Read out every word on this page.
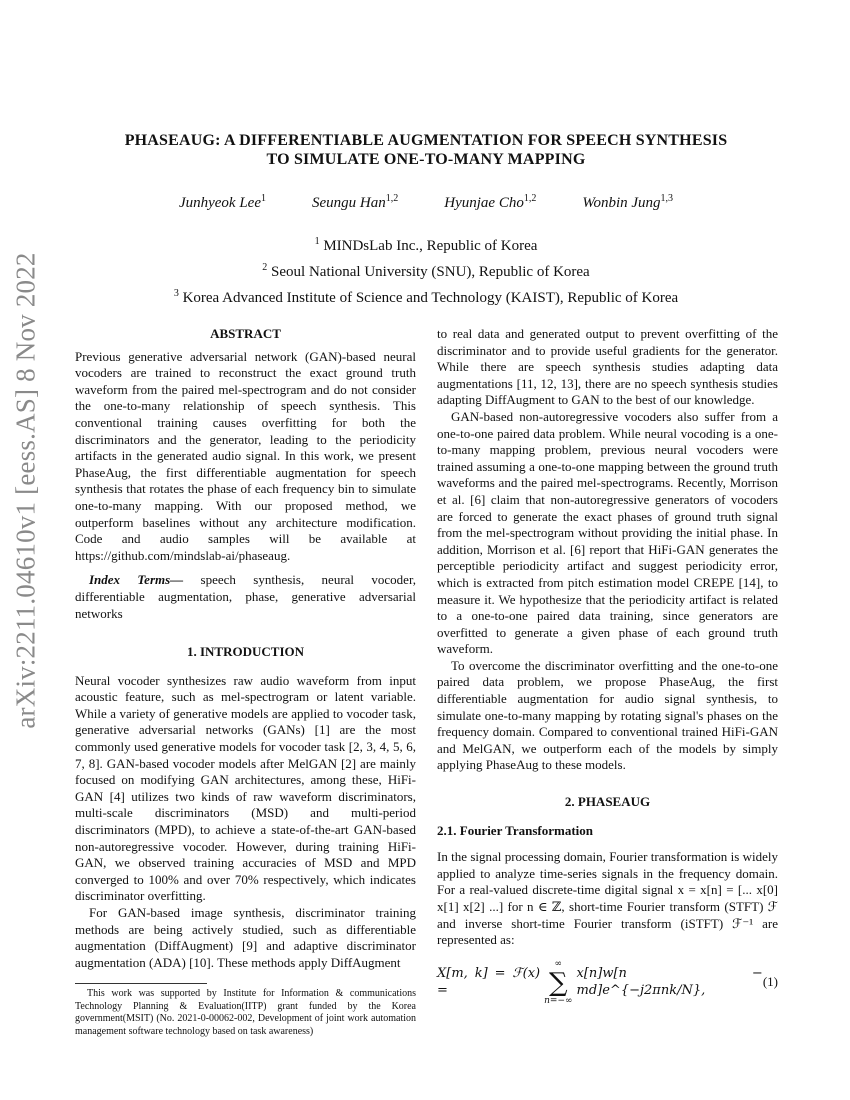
arXiv:2211.04610v1 [eess.AS] 8 Nov 2022
PHASEAUG: A DIFFERENTIABLE AUGMENTATION FOR SPEECH SYNTHESIS
TO SIMULATE ONE-TO-MANY MAPPING
Junhyeok Lee$^1$	Seungu Han$^{1,2}$	Hyunjae Cho$^{1,2}$	Wonbin Jung$^{1,3}$
$^1$ MINDsLab Inc., Republic of Korea
$^2$ Seoul National University (SNU), Republic of Korea
$^3$ Korea Advanced Institute of Science and Technology (KAIST), Republic of Korea

ABSTRACT

Previous generative adversarial network (GAN)-based neural vocoders are trained to reconstruct the exact ground truth waveform from the paired mel-spectrogram and do not consider the one-to-many relationship of speech synthesis. This conventional training causes overfitting for both the discriminators and the generator, leading to the periodicity artifacts in the generated audio signal. In this work, we present PhaseAug, the first differentiable augmentation for speech synthesis that rotates the phase of each frequency bin to simulate one-to-many mapping. With our proposed method, we outperform baselines without any architecture modification. Code and audio samples will be available at https://github.com/mindslab-ai/phaseaug.

Index Terms— speech synthesis, neural vocoder, differentiable augmentation, phase, generative adversarial networks

1. INTRODUCTION

Neural vocoder synthesizes raw audio waveform from input acoustic feature, such as mel-spectrogram or latent variable. While a variety of generative models are applied to vocoder task, generative adversarial networks (GANs) [1] are the most commonly used generative models for vocoder task [2, 3, 4, 5, 6, 7, 8]. GAN-based vocoder models after MelGAN [2] are mainly focused on modifying GAN architectures, among these, HiFi-GAN [4] utilizes two kinds of raw waveform discriminators, multi-scale discriminators (MSD) and multi-period discriminators (MPD), to achieve a state-of-the-art GAN-based non-autoregressive vocoder. However, during training HiFi-GAN, we observed training accuracies of MSD and MPD converged to 100% and over 70% respectively, which indicates discriminator overfitting.

For GAN-based image synthesis, discriminator training methods are being actively studied, such as differentiable augmentation (DiffAugment) [9] and adaptive discriminator augmentation (ADA) [10]. These methods apply DiffAugment

This work was supported by Institute for Information & communications Technology Planning & Evaluation(IITP) grant funded by the Korea government(MSIT) (No. 2021-0-00062-002, Development of joint work automation management software technology based on task awareness)

to real data and generated output to prevent overfitting of the discriminator and to provide useful gradients for the generator. While there are speech synthesis studies adapting data augmentations [11, 12, 13], there are no speech synthesis studies adapting DiffAugment to GAN to the best of our knowledge.

GAN-based non-autoregressive vocoders also suffer from a one-to-one paired data problem. While neural vocoding is a one-to-many mapping problem, previous neural vocoders were trained assuming a one-to-one mapping between the ground truth waveforms and the paired mel-spectrograms. Recently, Morrison et al. [6] claim that non-autoregressive generators of vocoders are forced to generate the exact phases of ground truth signal from the mel-spectrogram without providing the initial phase. In addition, Morrison et al. [6] report that HiFi-GAN generates the perceptible periodicity artifact and suggest periodicity error, which is extracted from pitch estimation model CREPE [14], to measure it. We hypothesize that the periodicity artifact is related to a one-to-one paired data training, since generators are overfitted to generate a given phase of each ground truth waveform.

To overcome the discriminator overfitting and the one-to-one paired data problem, we propose PhaseAug, the first differentiable augmentation for audio signal synthesis, to simulate one-to-many mapping by rotating signal's phases on the frequency domain. Compared to conventional trained HiFi-GAN and MelGAN, we outperform each of the models by simply applying PhaseAug to these models.

2. PHASEAUG

2.1. Fourier Transformation

In the signal processing domain, Fourier transformation is widely applied to analyze time-series signals in the frequency domain. For a real-valued discrete-time digital signal x = x[n] = [... x[0] x[1] x[2] ...] for n ∈ ℤ, short-time Fourier transform (STFT) ℱ and inverse short-time Fourier transform (iSTFT) ℱ⁻¹ are represented as:

X[m, k] = ℱ(x) =
∞
∑
n=−∞
x[n]w[n − md]e^{−j2πnk/N},
(1)
